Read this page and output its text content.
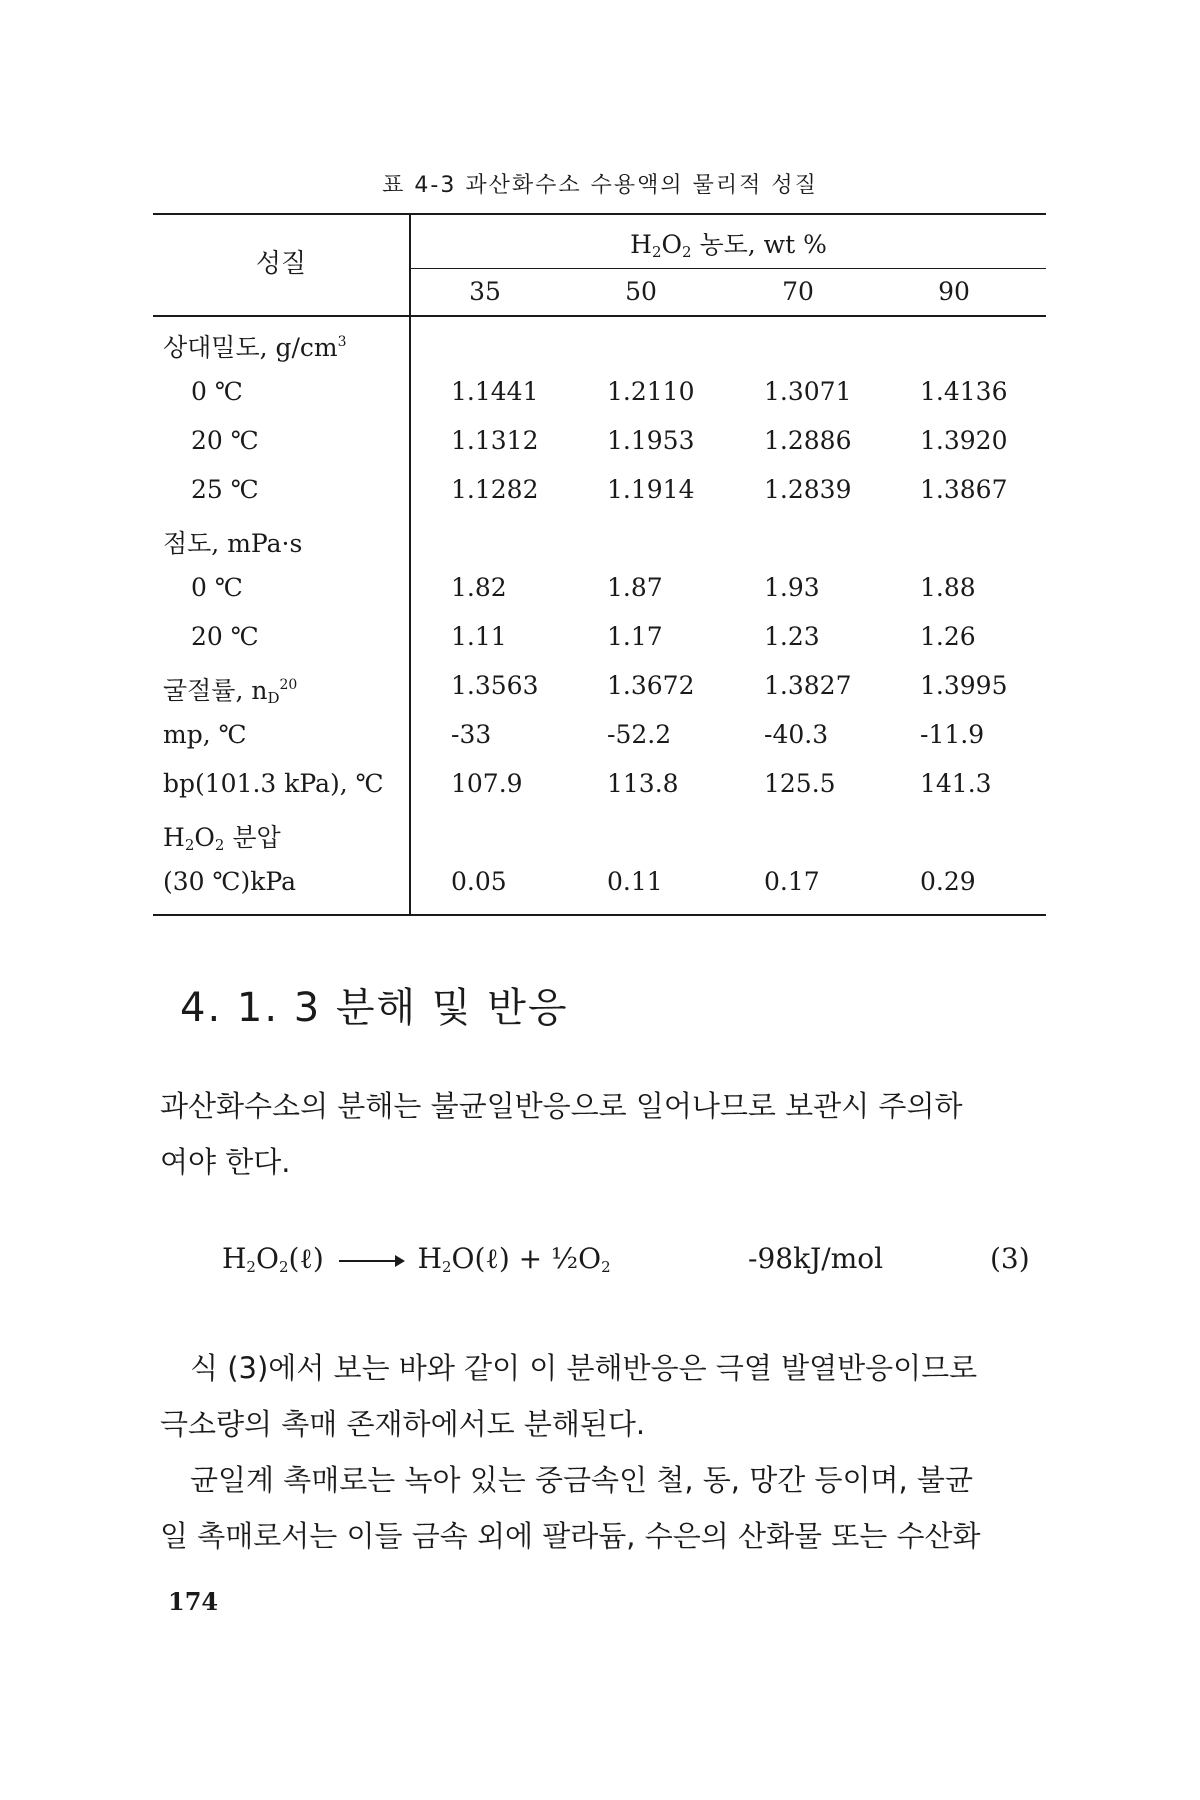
표 4-3 과산화수소 수용액의 물리적 성질
성질
$H_2O_2$ 농도, wt %
35	50	70	90
상대밀도, $g/cm^3$
0 ℃	1.1441	1.2110	1.3071	1.4136
20 ℃	1.1312	1.1953	1.2886	1.3920
25 ℃	1.1282	1.1914	1.2839	1.3867
점도, mPa·s
0 ℃	1.82	1.87	1.93	1.88
20 ℃	1.11	1.17	1.23	1.26
굴절률, $n_D^{20}$	1.3563	1.3672	1.3827	1.3995
mp, ℃	-33	-52.2	-40.3	-11.9
bp(101.3 kPa), ℃	107.9	113.8	125.5	141.3
$H_2O_2$ 분압
(30 ℃)kPa	0.05	0.11	0.17	0.29
4. 1. 3 분해 및 반응
과산화수소의 분해는 불균일반응으로 일어나므로 보관시 주의하
여야 한다.
$H_2O_2(\ell)$ → $H_2O(\ell)$ + $\frac{1}{2}O_2$	-98kJ/mol	(3)
식 (3)에서 보는 바와 같이 이 분해반응은 극열 발열반응이므로
극소량의 촉매 존재하에서도 분해된다.
균일계 촉매로는 녹아 있는 중금속인 철, 동, 망간 등이며, 불균
일 촉매로서는 이들 금속 외에 팔라듐, 수은의 산화물 또는 수산화
174
